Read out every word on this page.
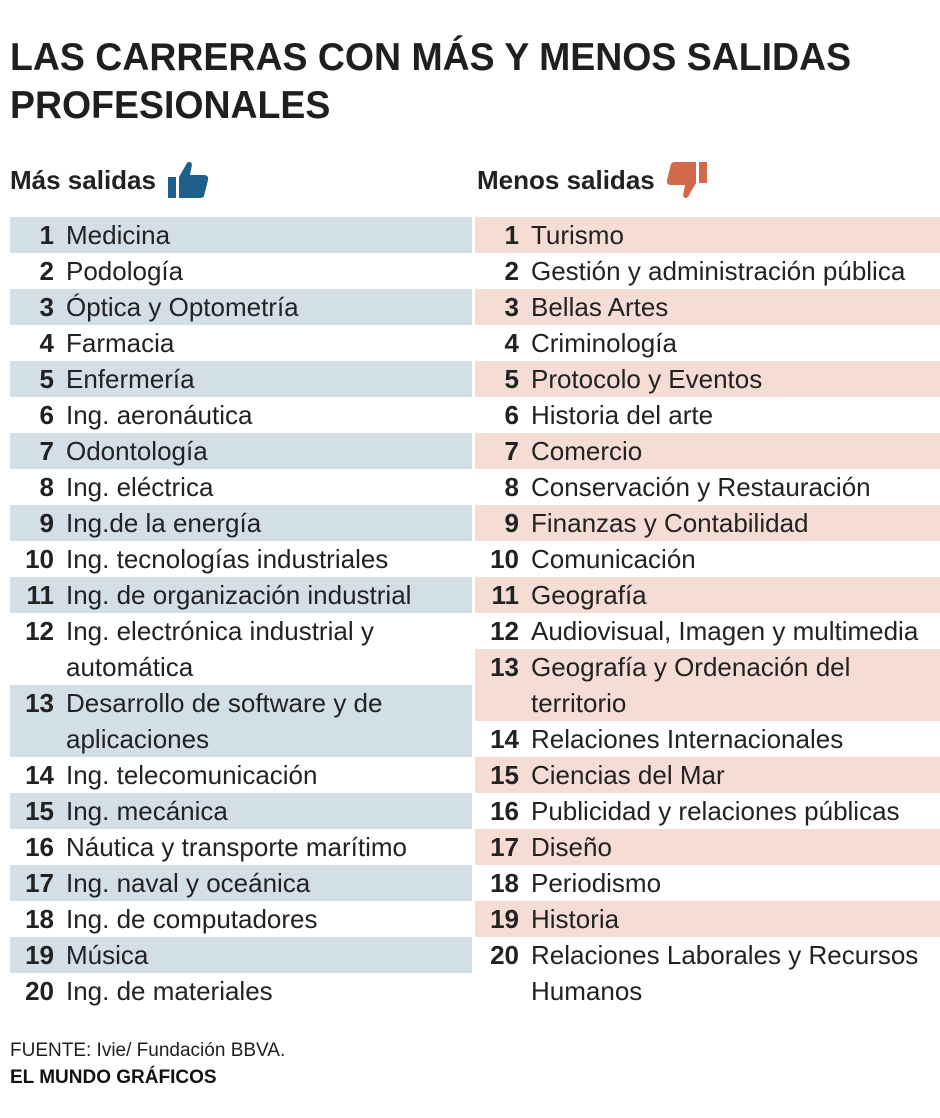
LAS CARRERAS CON MÁS Y MENOS SALIDAS PROFESIONALES
Más salidas
1 Medicina
2 Podología
3 Óptica y Optometría
4 Farmacia
5 Enfermería
6 Ing. aeronáutica
7 Odontología
8 Ing. eléctrica
9 Ing.de la energía
10 Ing. tecnologías industriales
11 Ing. de organización industrial
12 Ing. electrónica industrial y automática
13 Desarrollo de software y de aplicaciones
14 Ing. telecomunicación
15 Ing. mecánica
16 Náutica y transporte marítimo
17 Ing. naval y oceánica
18 Ing. de computadores
19 Música
20 Ing. de materiales
Menos salidas
1 Turismo
2 Gestión y administración pública
3 Bellas Artes
4 Criminología
5 Protocolo y Eventos
6 Historia del arte
7 Comercio
8 Conservación y Restauración
9 Finanzas y Contabilidad
10 Comunicación
11 Geografía
12 Audiovisual, Imagen y multimedia
13 Geografía y Ordenación del territorio
14 Relaciones Internacionales
15 Ciencias del Mar
16 Publicidad y relaciones públicas
17 Diseño
18 Periodismo
19 Historia
20 Relaciones Laborales y Recursos Humanos
FUENTE: Ivie/ Fundación BBVA.
EL MUNDO GRÁFICOS
